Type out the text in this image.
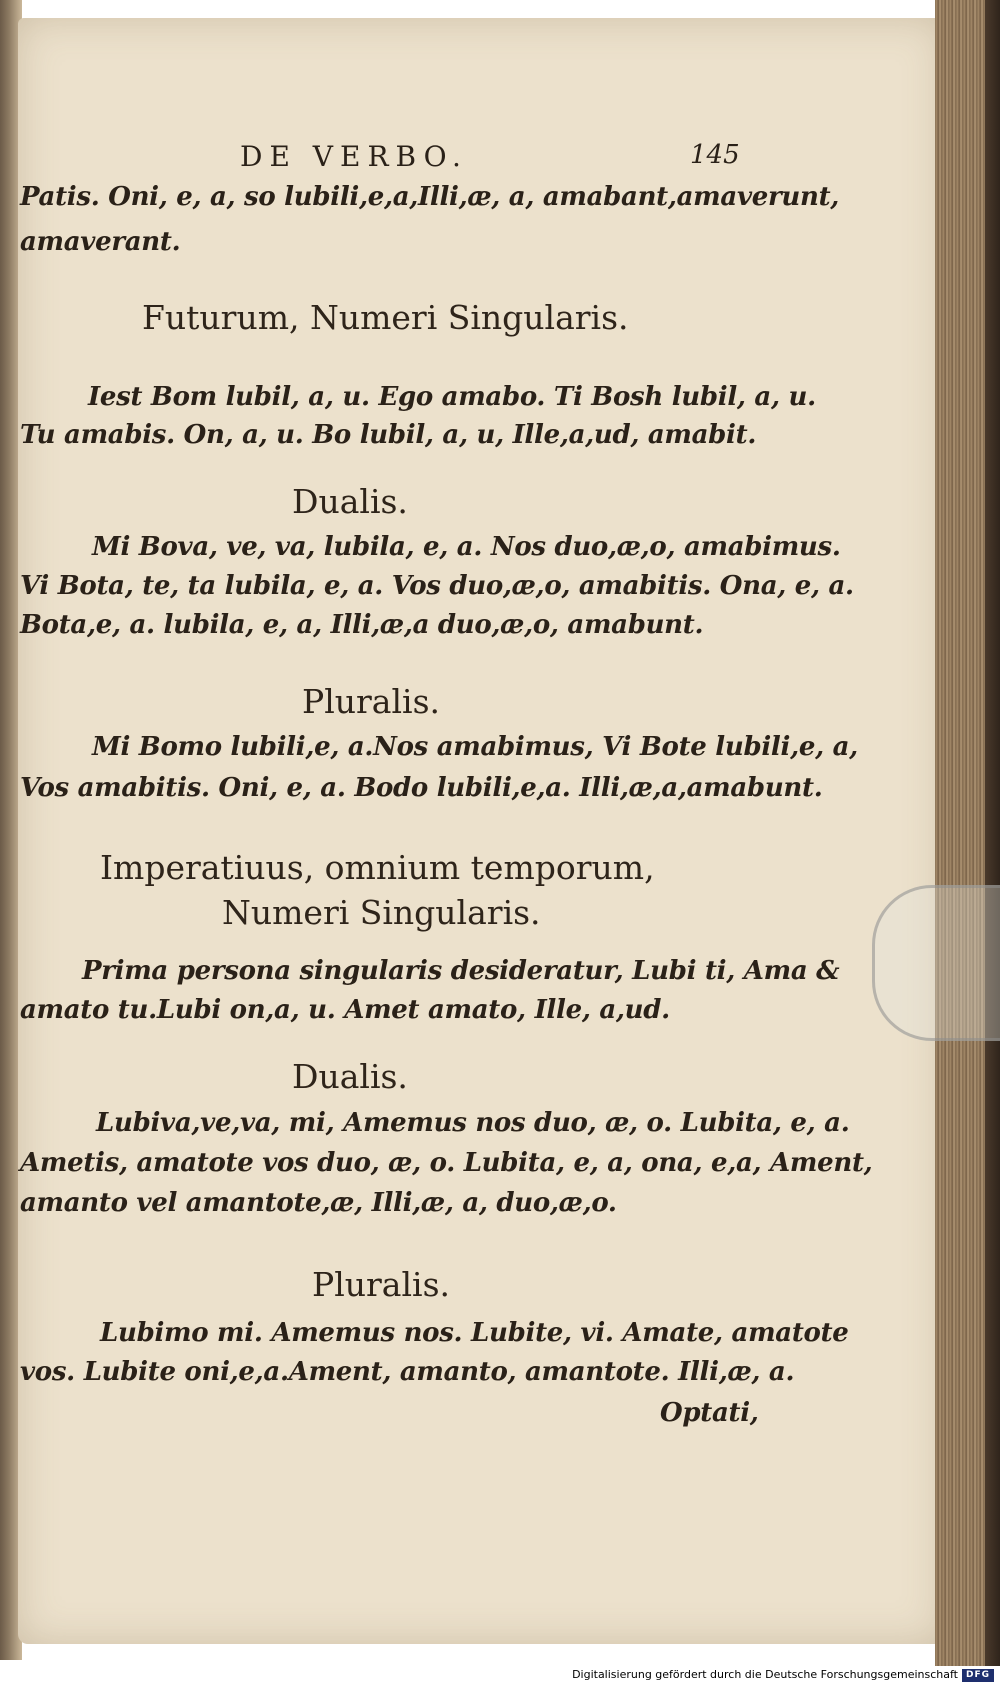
DE VERBO.	145
Patis. Oni, e, a, so lubili,e,a,Illi,æ, a, amabant,amaverunt,
amaverant.
Futurum, Numeri Singularis.
Iest Bom lubil, a, u. Ego amabo. Ti Bosh lubil, a, u.
Tu amabis. On, a, u. Bo lubil, a, u, Ille,a,ud, amabit.
Dualis.
Mi Bova, ve, va, lubila, e, a. Nos duo,æ,o, amabimus.
Vi Bota, te, ta lubila, e, a. Vos duo,æ,o, amabitis. Ona, e, a.
Bota,e, a. lubila, e, a, Illi,æ,a duo,æ,o, amabunt.
Pluralis.
Mi Bomo lubili,e, a.Nos amabimus, Vi Bote lubili,e, a,
Vos amabitis. Oni, e, a. Bodo lubili,e,a. Illi,æ,a,amabunt.
Imperatiuus, omnium temporum,
Numeri Singularis.
Prima persona singularis desideratur, Lubi ti, Ama &
amato tu.Lubi on,a, u. Amet amato, Ille, a,ud.
Dualis.
Lubiva,ve,va, mi, Amemus nos duo, æ, o. Lubita, e, a.
Ametis, amatote vos duo, æ, o. Lubita, e, a, ona, e,a, Ament,
amanto vel amantote,æ, Illi,æ, a, duo,æ,o.
Pluralis.
Lubimo mi. Amemus nos. Lubite, vi. Amate, amatote
vos. Lubite oni,e,a.Ament, amanto, amantote. Illi,æ, a.
Optati,
Digitalisierung gefördert durch die Deutsche Forschungsgemeinschaft DFG
